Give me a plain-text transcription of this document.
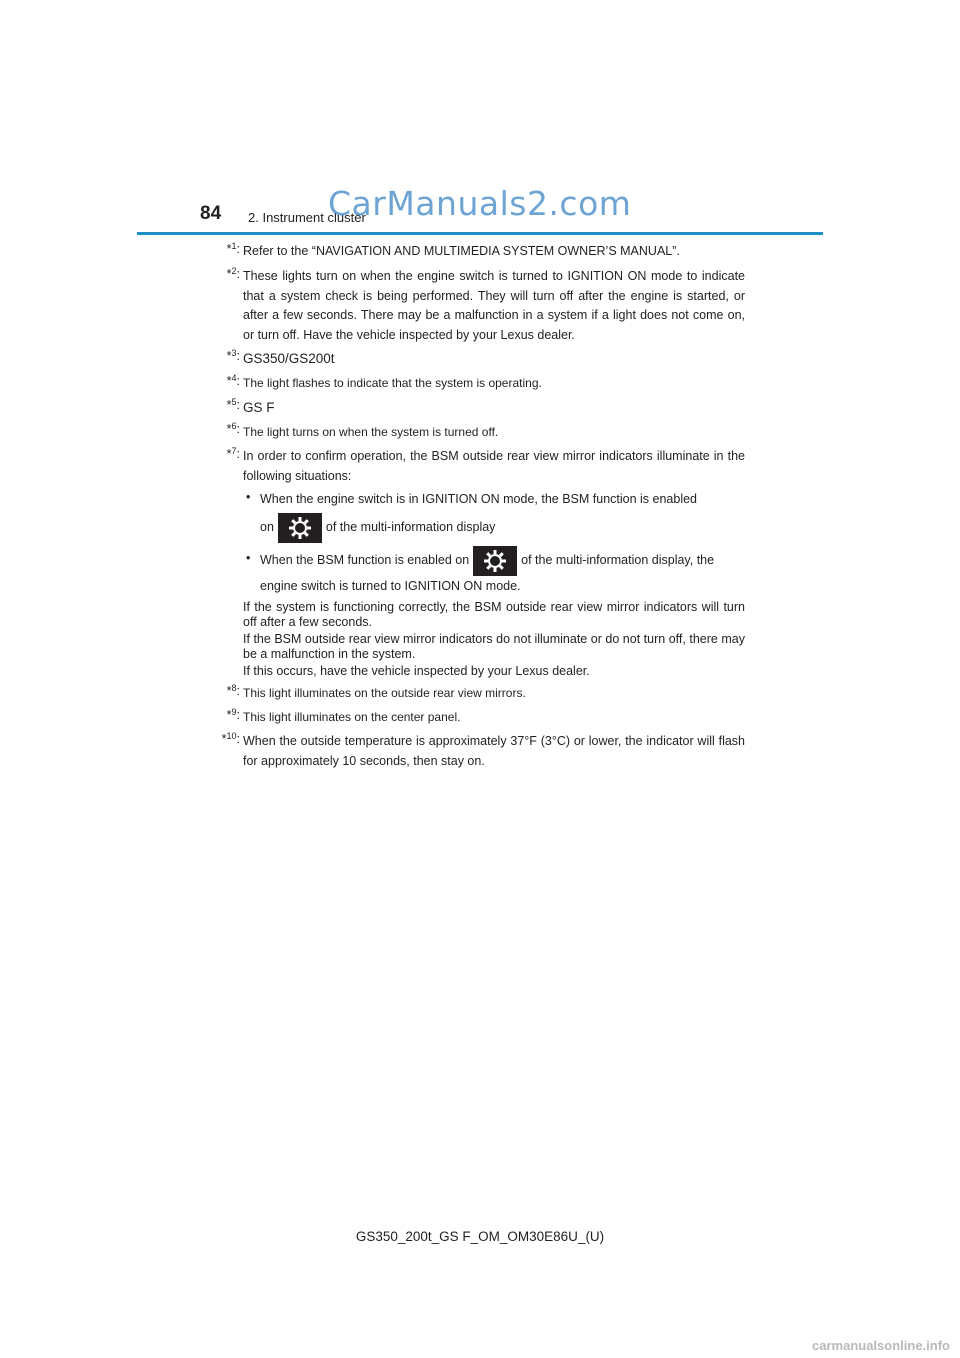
84 2. Instrument cluster
CarManuals2.com
*$^1$: Refer to the “NAVIGATION AND MULTIMEDIA SYSTEM OWNER’S MANUAL”.
*$^2$: These lights turn on when the engine switch is turned to IGNITION ON mode to indicate that a system check is being performed. They will turn off after the engine is started, or after a few seconds. There may be a malfunction in a system if a light does not come on, or turn off. Have the vehicle inspected by your Lexus dealer.
*$^3$: GS350/GS200t
*$^4$: The light flashes to indicate that the system is operating.
*$^5$: GS F
*$^6$: The light turns on when the system is turned off.
*$^7$: In order to confirm operation, the BSM outside rear view mirror indicators illuminate in the following situations:
• When the engine switch is in IGNITION ON mode, the BSM function is enabled
on	of the multi-information display
• When the BSM function is enabled on	of the multi-information display, the
engine switch is turned to IGNITION ON mode.
If the system is functioning correctly, the BSM outside rear view mirror indicators will turn off after a few seconds.
If the BSM outside rear view mirror indicators do not illuminate or do not turn off, there may be a malfunction in the system.
If this occurs, have the vehicle inspected by your Lexus dealer.
*$^8$: This light illuminates on the outside rear view mirrors.
*$^9$: This light illuminates on the center panel.
*$^{10}$: When the outside temperature is approximately 37°F (3°C) or lower, the indicator will flash for approximately 10 seconds, then stay on.
GS350_200t_GS F_OM_OM30E86U_(U)
carmanualsonline.info
